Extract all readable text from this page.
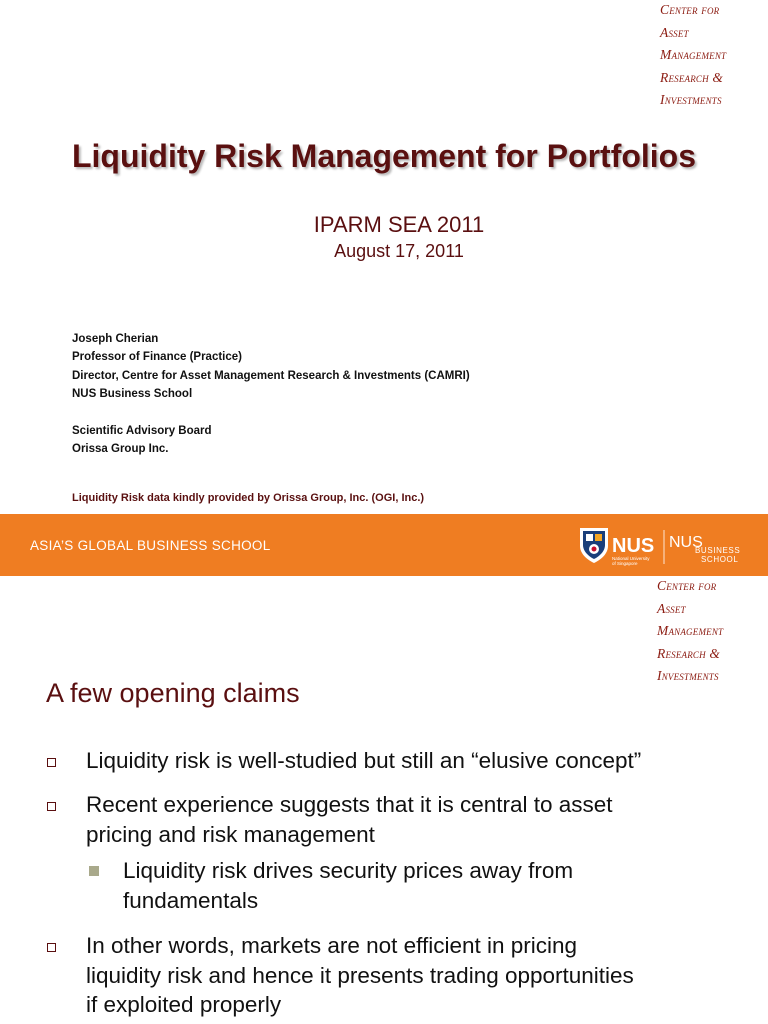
Center for
Asset
Management
Research &
Investments
Liquidity Risk Management for Portfolios
IPARM SEA 2011
August 17, 2011
Joseph Cherian
Professor of Finance (Practice)
Director, Centre for Asset Management Research & Investments (CAMRI)
NUS Business School
Scientific Advisory Board
Orissa Group Inc.
Liquidity Risk data kindly provided by Orissa Group, Inc. (OGI, Inc.)
ASIA’S GLOBAL BUSINESS SCHOOL	NUS
National University
of Singapore
NUS
BUSINESS
SCHOOL
Center for
Asset
Management
Research &
Investments
A few opening claims
Liquidity risk is well-studied but still an “elusive concept”
Recent experience suggests that it is central to asset
pricing and risk management
Liquidity risk drives security prices away from
fundamentals
In other words, markets are not efficient in pricing
liquidity risk and hence it presents trading opportunities
if exploited properly
